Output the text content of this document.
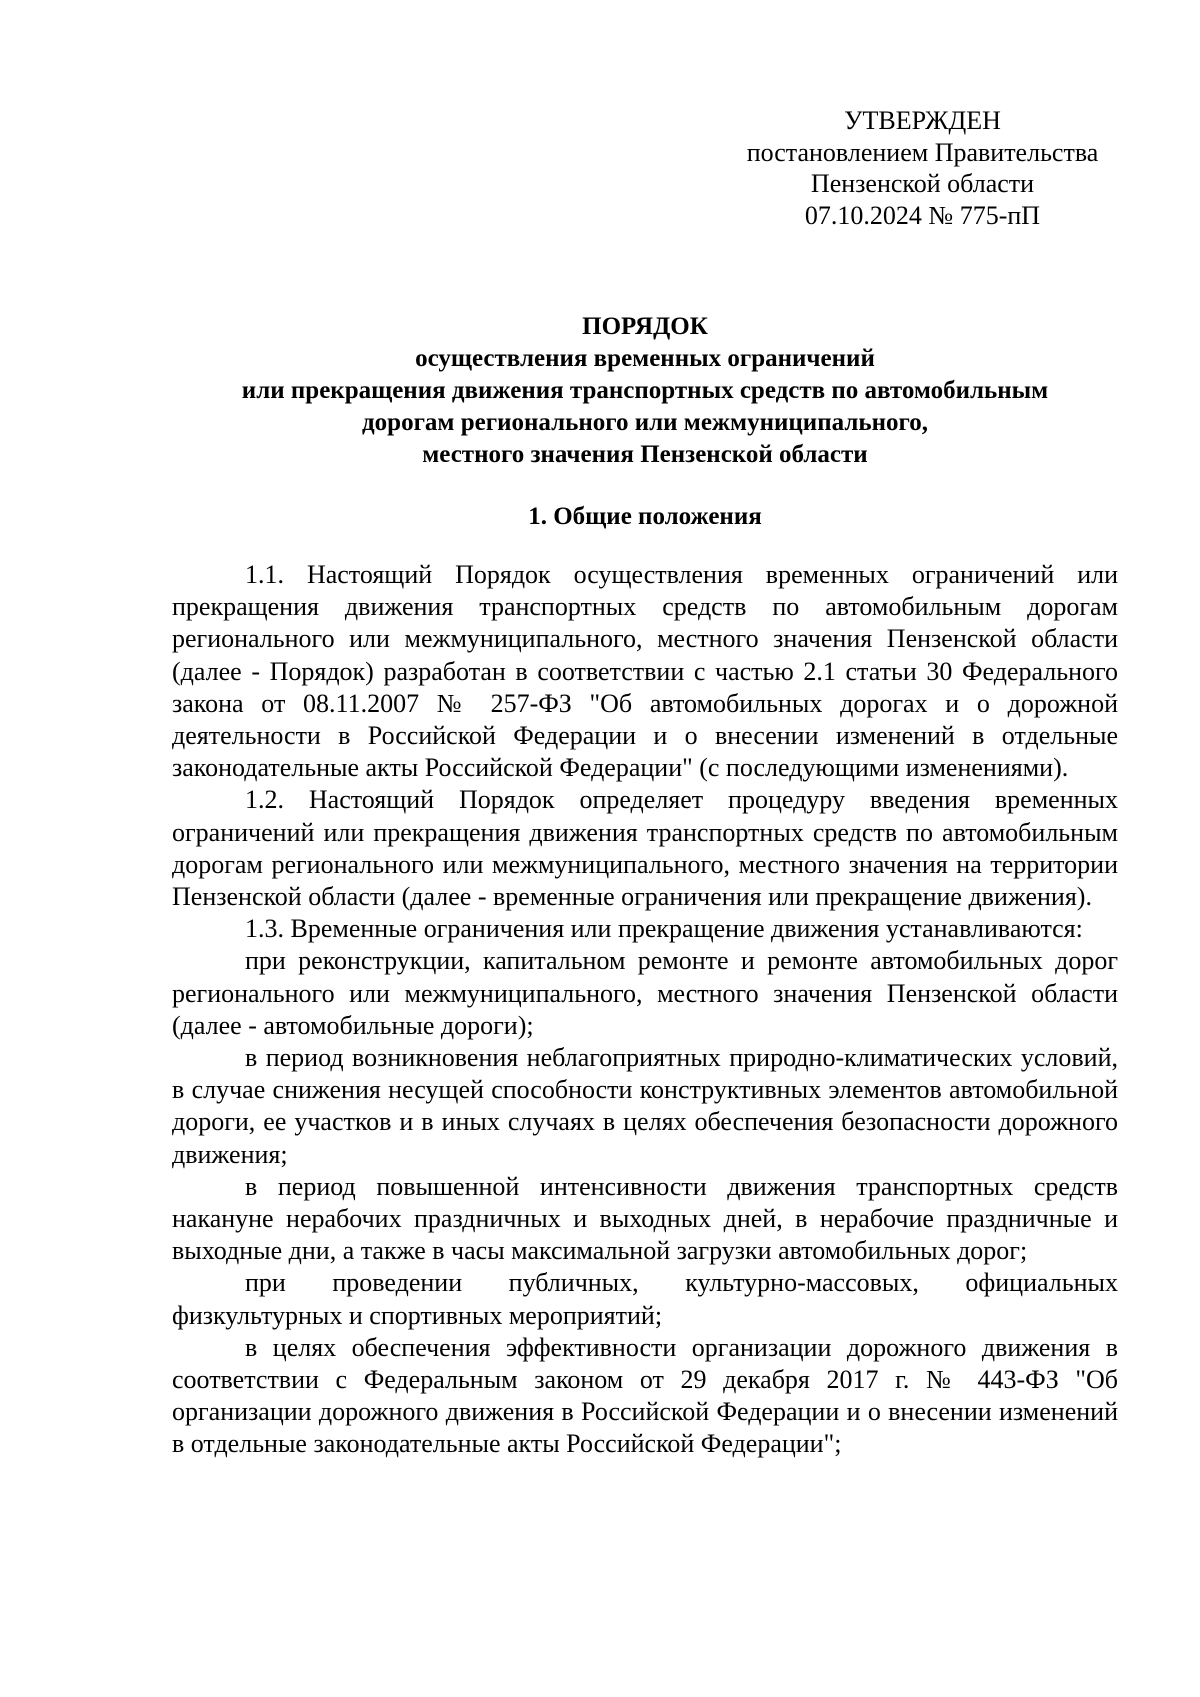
УТВЕРЖДЕН
постановлением Правительства
Пензенской области
07.10.2024 № 775-пП
ПОРЯДОК
осуществления временных ограничений
или прекращения движения транспортных средств по автомобильным
дорогам регионального или межмуниципального,
местного значения Пензенской области
1. Общие положения

1.1. Настоящий Порядок осуществления временных ограничений или прекращения движения транспортных средств по автомобильным дорогам регионального или межмуниципального, местного значения Пензенской области (далее - Порядок) разработан в соответствии с частью 2.1 статьи 30 Федерального закона от 08.11.2007 № 257-ФЗ "Об автомобильных дорогах и о дорожной деятельности в Российской Федерации и о внесении изменений в отдельные законодательные акты Российской Федерации" (с последующими изменениями).

1.2. Настоящий Порядок определяет процедуру введения временных ограничений или прекращения движения транспортных средств по автомобильным дорогам регионального или межмуниципального, местного значения на территории Пензенской области (далее - временные ограничения или прекращение движения).

1.3. Временные ограничения или прекращение движения устанавливаются:

при реконструкции, капитальном ремонте и ремонте автомобильных дорог регионального или межмуниципального, местного значения Пензенской области (далее - автомобильные дороги);

в период возникновения неблагоприятных природно-климатических условий, в случае снижения несущей способности конструктивных элементов автомобильной дороги, ее участков и в иных случаях в целях обеспечения безопасности дорожного движения;

в период повышенной интенсивности движения транспортных средств накануне нерабочих праздничных и выходных дней, в нерабочие праздничные и выходные дни, а также в часы максимальной загрузки автомобильных дорог;

при проведении публичных, культурно-массовых, официальных физкультурных и спортивных мероприятий;

в целях обеспечения эффективности организации дорожного движения в соответствии с Федеральным законом от 29 декабря 2017 г. № 443-ФЗ "Об организации дорожного движения в Российской Федерации и о внесении изменений в отдельные законодательные акты Российской Федерации";
